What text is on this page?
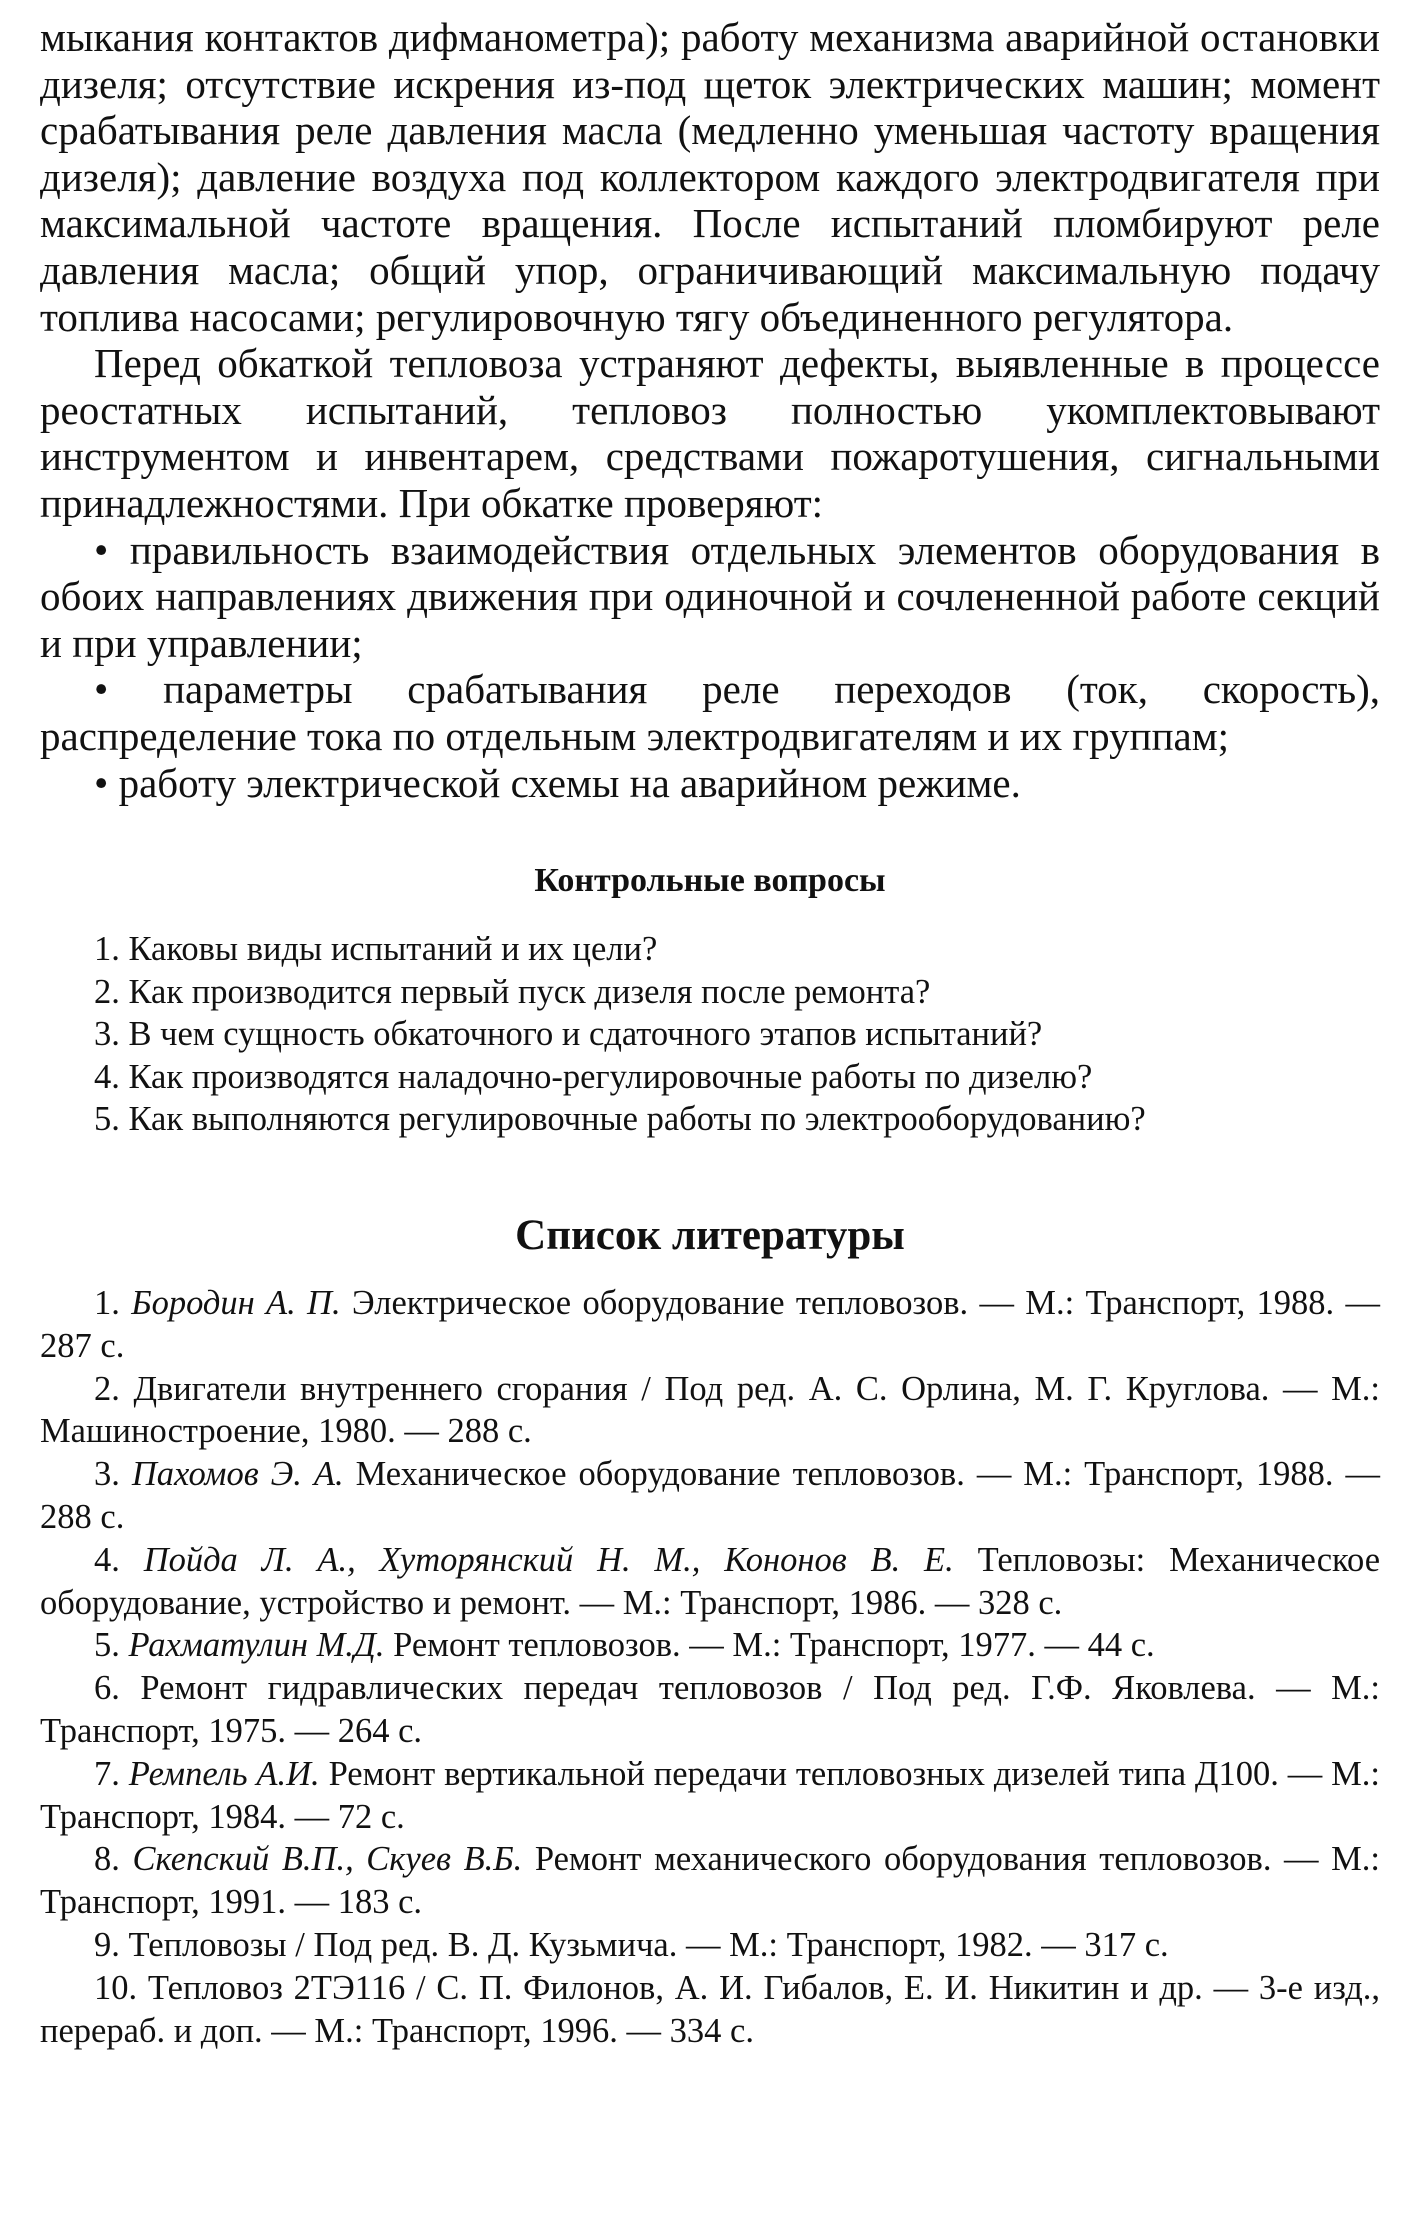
мыкания контактов дифманометра); работу механизма аварийной остановки дизеля; отсутствие искрения из-под щеток электрических машин; момент срабатывания реле давления масла (медленно уменьшая частоту вращения дизеля); давление воздуха под коллектором каждого электродвигателя при максимальной частоте вращения. После испытаний пломбируют реле давления масла; общий упор, ограничивающий максимальную подачу топлива насосами; регулировочную тягу объединенного регулятора.

Перед обкаткой тепловоза устраняют дефекты, выявленные в процессе реостатных испытаний, тепловоз полностью укомплектовывают инструментом и инвентарем, средствами пожаротушения, сигнальными принадлежностями. При обкатке проверяют:

• правильность взаимодействия отдельных элементов оборудования в обоих направлениях движения при одиночной и сочлененной работе секций и при управлении;

• параметры срабатывания реле переходов (ток, скорость), распределение тока по отдельным электродвигателям и их группам;

• работу электрической схемы на аварийном режиме.

Контрольные вопросы
1. Каковы виды испытаний и их цели?
2. Как производится первый пуск дизеля после ремонта?
3. В чем сущность обкаточного и сдаточного этапов испытаний?
4. Как производятся наладочно-регулировочные работы по дизелю?
5. Как выполняются регулировочные работы по электрооборудованию?
Список литературы
1. Бородин А. П. Электрическое оборудование тепловозов. — М.: Транспорт, 1988. — 287 с.
2. Двигатели внутреннего сгорания / Под ред. А. С. Орлина, М. Г. Круглова. — М.: Машиностроение, 1980. — 288 с.
3. Пахомов Э. А. Механическое оборудование тепловозов. — М.: Транспорт, 1988. — 288 с.
4. Пойда Л. А., Хуторянский Н. М., Кононов В. Е. Тепловозы: Механическое оборудование, устройство и ремонт. — М.: Транспорт, 1986. — 328 с.
5. Рахматулин М.Д. Ремонт тепловозов. — М.: Транспорт, 1977. — 44 с.
6. Ремонт гидравлических передач тепловозов / Под ред. Г.Ф. Яковлева. — М.: Транспорт, 1975. — 264 с.
7. Ремпель А.И. Ремонт вертикальной передачи тепловозных дизелей типа Д100. — М.: Транспорт, 1984. — 72 с.
8. Скепский В.П., Скуев В.Б. Ремонт механического оборудования тепловозов. — М.: Транспорт, 1991. — 183 с.
9. Тепловозы / Под ред. В. Д. Кузьмича. — М.: Транспорт, 1982. — 317 с.
10. Тепловоз 2ТЭ116 / С. П. Филонов, А. И. Гибалов, Е. И. Никитин и др. — 3-е изд., перераб. и доп. — М.: Транспорт, 1996. — 334 с.
